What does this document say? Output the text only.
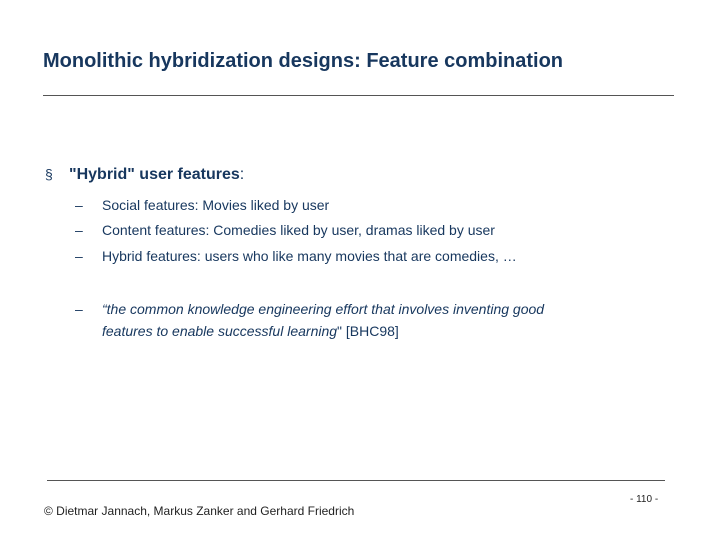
Monolithic hybridization designs: Feature combination
§ "Hybrid" user features:
– Social features: Movies liked by user
– Content features: Comedies liked by user, dramas liked by user
– Hybrid features: users who like many movies that are comedies, …
– “the common knowledge engineering effort that involves inventing good
features to enable successful learning" [BHC98]
© Dietmar Jannach, Markus Zanker and Gerhard Friedrich
- 110 -
